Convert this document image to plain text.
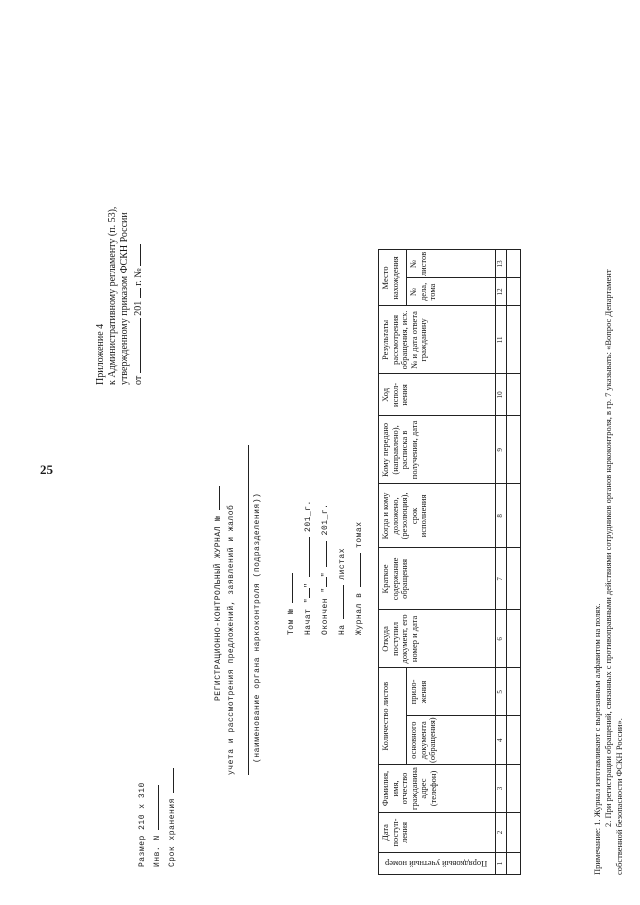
25
Приложение 4 к Административному регламенту (п. 53), утвержденному приказом ФСКН России от  201  г. №
Размер 210 x 310 Инв. N Срок хранения
РЕГИСТРАЦИОННО-КОНТРОЛЬНЫЙ ЖУРНАЛ № учета и рассмотрения предложений, заявлений и жалоб (наименование органа наркоконтроля (подразделения))	Том №	Начат ""  201_г.
Окончен ""  201_г.
На  листах
Журнал в  томах
Порядковый учетный номер	Дата поступ-ления	Фамилия, имя, отчество гражданина адрес (телефон)	Количество листов		Откуда поступил документ, его номер и дата	Краткое содержание обращения	Когда и кому доложено, (резолюция), срок исполнения	Кому передано (направлено), расписка в получении, дата	Ход испол-нения	Результаты рассмотрения обращения, исх. № и дата ответа гражданину	Место нахождения	
			основного документа (обращения)	прило-жения							№ дела, тома	№ листов
1	2	3	4	5	6	7	8	9	10	11	12	13

Примечание: 1. Журнал изготавливают с вырезанным алфавитом на полях. 2. При регистрации обращений, связанных с противоправными действиями сотрудников органов наркоконтроля, в гр. 7 указывать: «Вопрос Департамент собственной безопасности ФСКН России».
